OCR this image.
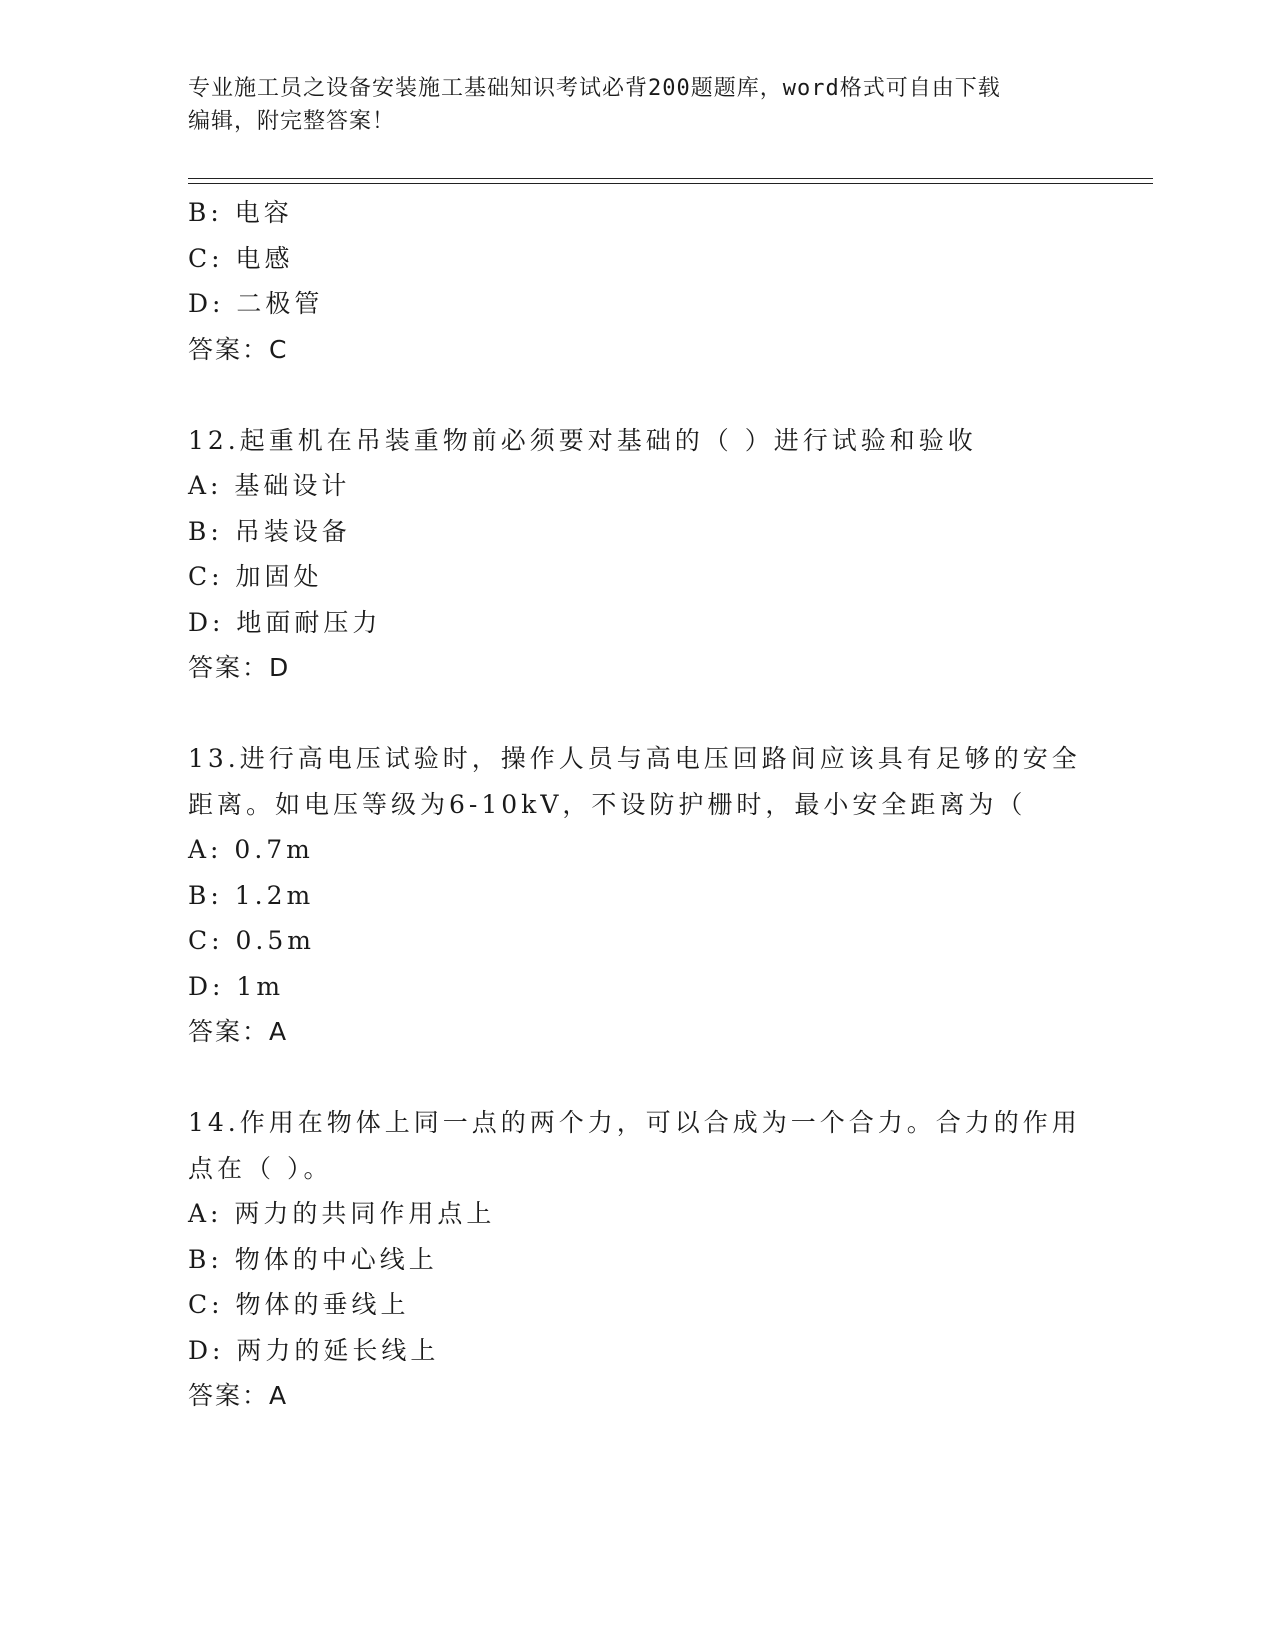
专业施工员之设备安装施工基础知识考试必背200题题库，word格式可自由下载
编辑，附完整答案！
B: 电容
C: 电感
D: 二极管
答案：C
12.起重机在吊装重物前必须要对基础的（ ）进行试验和验收
A: 基础设计
B: 吊装设备
C: 加固处
D: 地面耐压力
答案：D
13.进行高电压试验时，操作人员与高电压回路间应该具有足够的安全
距离。如电压等级为6-10kV，不设防护栅时，最小安全距离为（
A: 0.7m
B: 1.2m
C: 0.5m
D: 1m
答案：A
14.作用在物体上同一点的两个力，可以合成为一个合力。合力的作用
点在（ ）。
A: 两力的共同作用点上
B: 物体的中心线上
C: 物体的垂线上
D: 两力的延长线上
答案：A
